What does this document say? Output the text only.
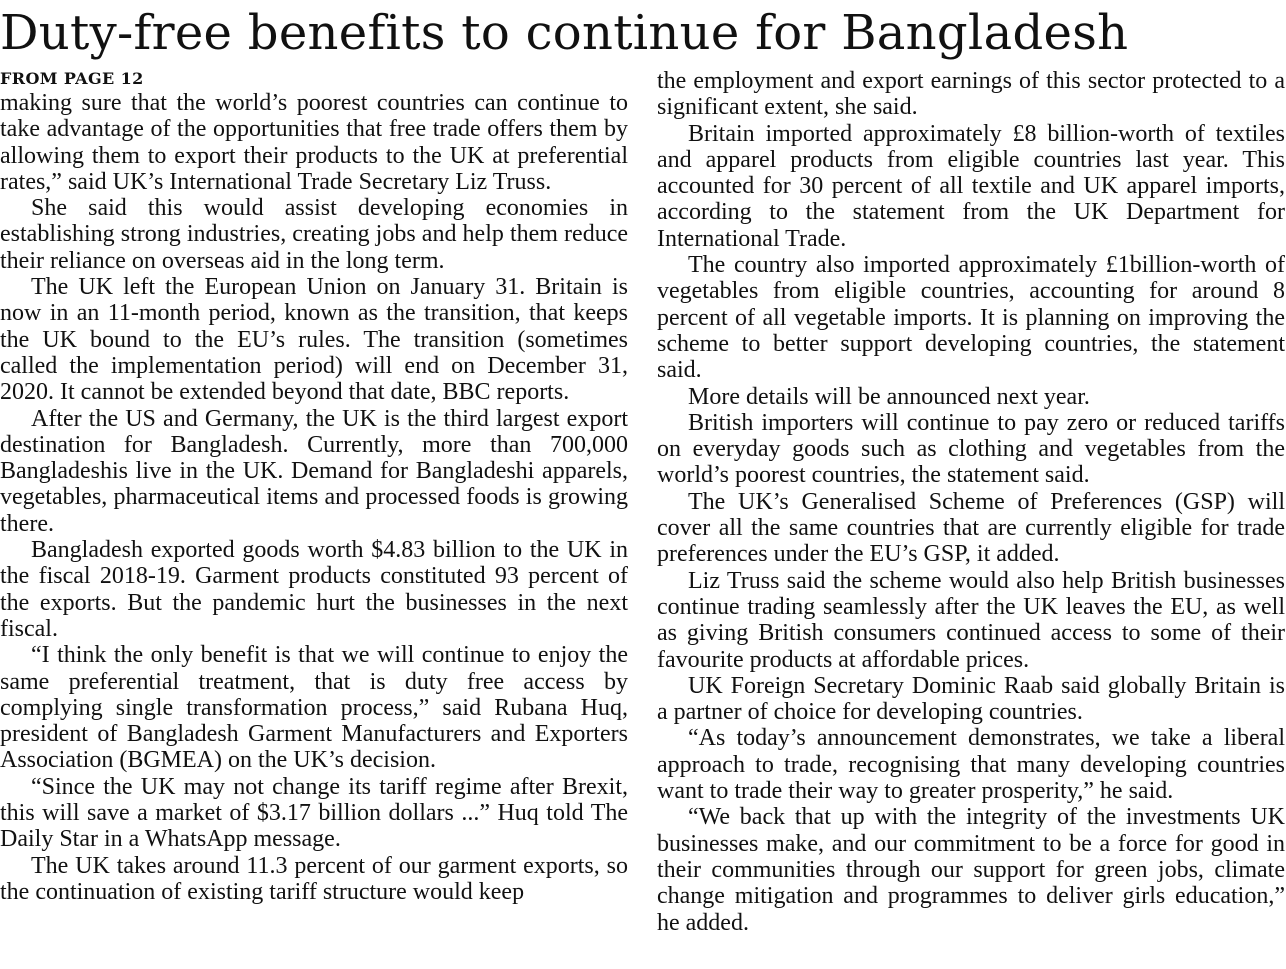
Duty-free benefits to continue for Bangladesh
FROM PAGE 12

making sure that the world’s poorest countries can continue to take advantage of the opportunities that free trade offers them by allowing them to export their products to the UK at preferential rates,” said UK’s International Trade Secretary Liz Truss.

She said this would assist developing economies in establishing strong industries, creating jobs and help them reduce their reliance on overseas aid in the long term.

The UK left the European Union on January 31. Britain is now in an 11-month period, known as the transition, that keeps the UK bound to the EU’s rules. The transition (sometimes called the implementation period) will end on December 31, 2020. It cannot be extended beyond that date, BBC reports.

After the US and Germany, the UK is the third largest export destination for Bangladesh. Currently, more than 700,000 Bangladeshis live in the UK. Demand for Bangladeshi apparels, vegetables, pharmaceutical items and processed foods is growing there.

Bangladesh exported goods worth $4.83 billion to the UK in the fiscal 2018-19. Garment products constituted 93 percent of the exports. But the pandemic hurt the businesses in the next fiscal.

“I think the only benefit is that we will continue to enjoy the same preferential treatment, that is duty free access by complying single transformation process,” said Rubana Huq, president of Bangladesh Garment Manufacturers and Exporters Association (BGMEA) on the UK’s decision.

“Since the UK may not change its tariff regime after Brexit, this will save a market of $3.17 billion dollars ...” Huq told The Daily Star in a WhatsApp message.

The UK takes around 11.3 percent of our garment exports, so the continuation of existing tariff structure would keep

the employment and export earnings of this sector protected to a significant extent, she said.

Britain imported approximately £8 billion-worth of textiles and apparel products from eligible countries last year. This accounted for 30 percent of all textile and UK apparel imports, according to the statement from the UK Department for International Trade.

The country also imported approximately £1billion-worth of vegetables from eligible countries, accounting for around 8 percent of all vegetable imports. It is planning on improving the scheme to better support developing countries, the statement said.

More details will be announced next year.

British importers will continue to pay zero or reduced tariffs on everyday goods such as clothing and vegetables from the world’s poorest countries, the statement said.

The UK’s Generalised Scheme of Preferences (GSP) will cover all the same countries that are currently eligible for trade preferences under the EU’s GSP, it added.

Liz Truss said the scheme would also help British businesses continue trading seamlessly after the UK leaves the EU, as well as giving British consumers continued access to some of their favourite products at affordable prices.

UK Foreign Secretary Dominic Raab said globally Britain is a partner of choice for developing countries.

“As today’s announcement demonstrates, we take a liberal approach to trade, recognising that many developing countries want to trade their way to greater prosperity,” he said.

“We back that up with the integrity of the investments UK businesses make, and our commitment to be a force for good in their communities through our support for green jobs, climate change mitigation and programmes to deliver girls education,” he added.
